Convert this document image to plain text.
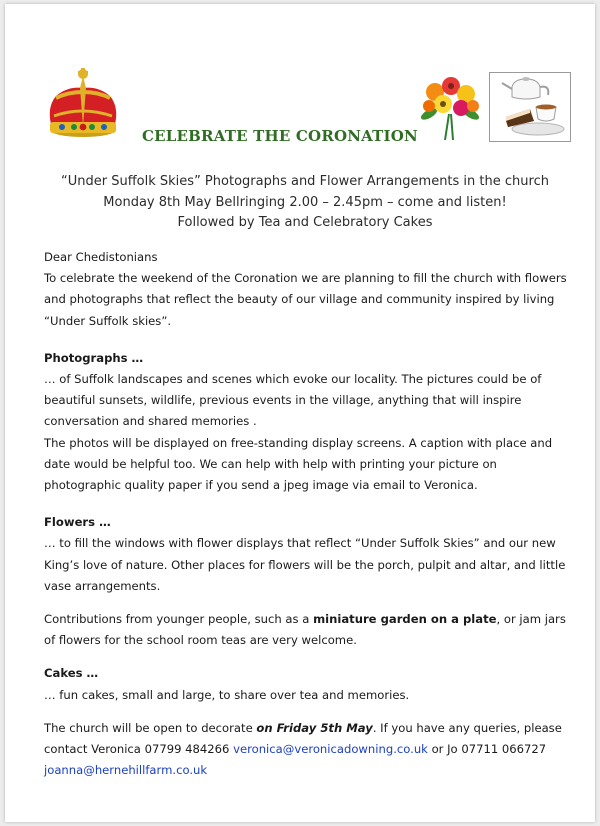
CELEBRATE THE CORONATION
“Under Suffolk Skies” Photographs and Flower Arrangements in the church
Monday 8th May Bellringing 2.00 – 2.45pm – come and listen!
Followed by Tea and Celebratory Cakes

Dear Chedistonians

To celebrate the weekend of the Coronation we are planning to fill the church with flowers and photographs that reflect the beauty of our village and community inspired by living “Under Suffolk skies”.

Photographs …

… of Suffolk landscapes and scenes which evoke our locality. The pictures could be of beautiful sunsets, wildlife, previous events in the village, anything that will inspire conversation and shared memories .

The photos will be displayed on free-standing display screens. A caption with place and date would be helpful too. We can help with help with printing your picture on photographic quality paper if you send a jpeg image via email to Veronica.

Flowers …

… to fill the windows with flower displays that reflect “Under Suffolk Skies” and our new King’s love of nature. Other places for flowers will be the porch, pulpit and altar, and little vase arrangements.

Contributions from younger people, such as a miniature garden on a plate, or jam jars of flowers for the school room teas are very welcome.

Cakes …

… fun cakes, small and large, to share over tea and memories.

The church will be open to decorate on Friday 5th May. If you have any queries, please contact Veronica 07799 484266 veronica@veronicadowning.co.uk or Jo 07711 066727 joanna@hernehillfarm.co.uk
